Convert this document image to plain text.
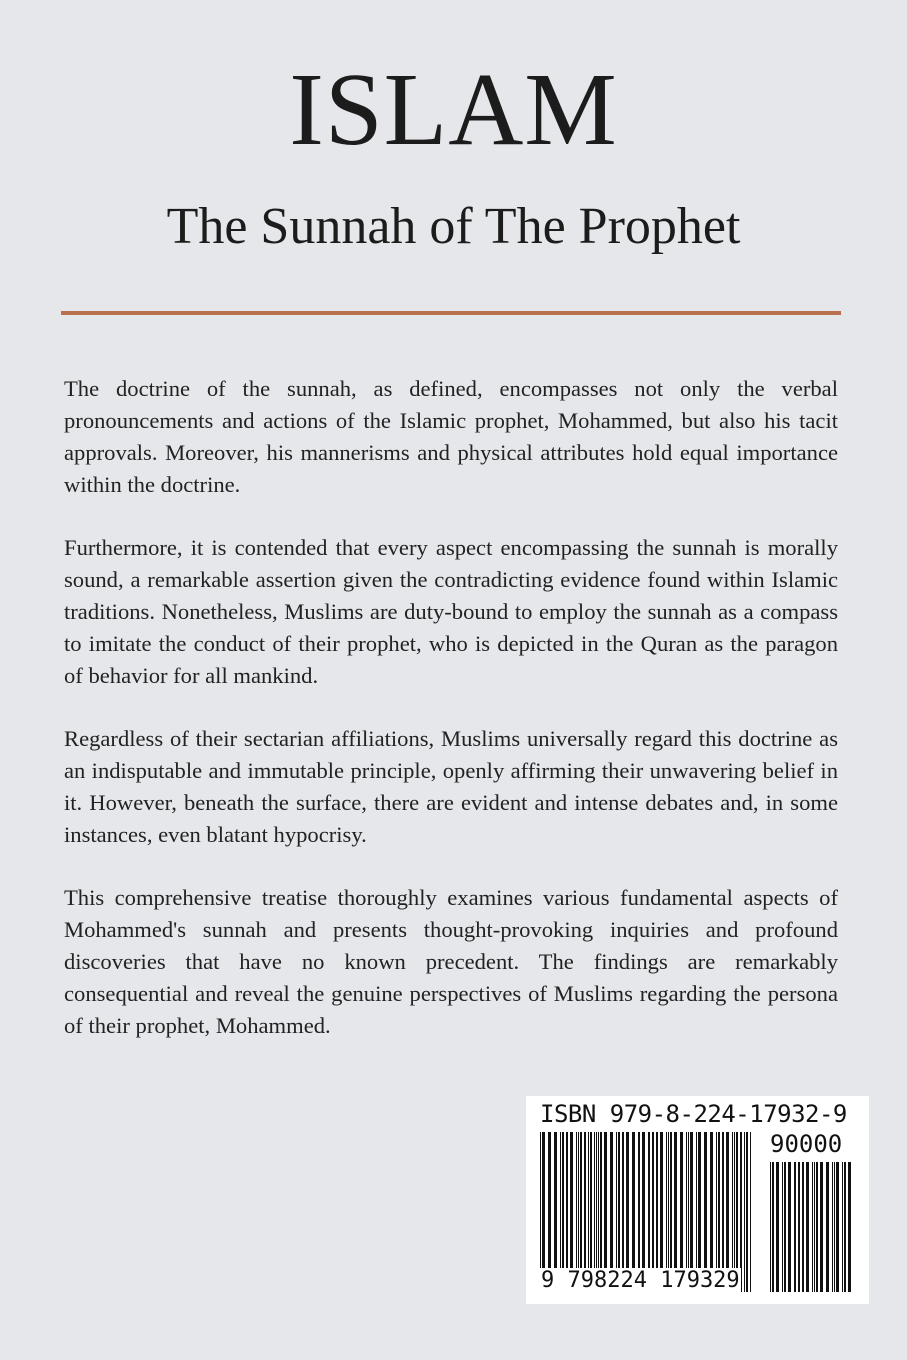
ISLAM
The Sunnah of The Prophet

The doctrine of the sunnah, as defined, encompasses not only the verbal pronouncements and actions of the Islamic prophet, Mohammed, but also his tacit approvals. Moreover, his mannerisms and physical attributes hold equal importance within the doctrine.

Furthermore, it is contended that every aspect encompassing the sunnah is morally sound, a remarkable assertion given the contradicting evidence found within Islamic traditions. Nonetheless, Muslims are duty-bound to employ the sunnah as a compass to imitate the conduct of their prophet, who is depicted in the Quran as the paragon of behavior for all mankind.

Regardless of their sectarian affiliations, Muslims universally regard this doctrine as an indisputable and immutable principle, openly affirming their unwavering belief in it. However, beneath the surface, there are evident and intense debates and, in some instances, even blatant hypocrisy.

This comprehensive treatise thoroughly examines various fundamental aspects of Mohammed's sunnah and presents thought-provoking inquiries and profound discoveries that have no known precedent. The findings are remarkably consequential and reveal the genuine perspectives of Muslims regarding the persona of their prophet, Mohammed.

ISBN 979-8-224-17932-9
90000
9 798224 179329
